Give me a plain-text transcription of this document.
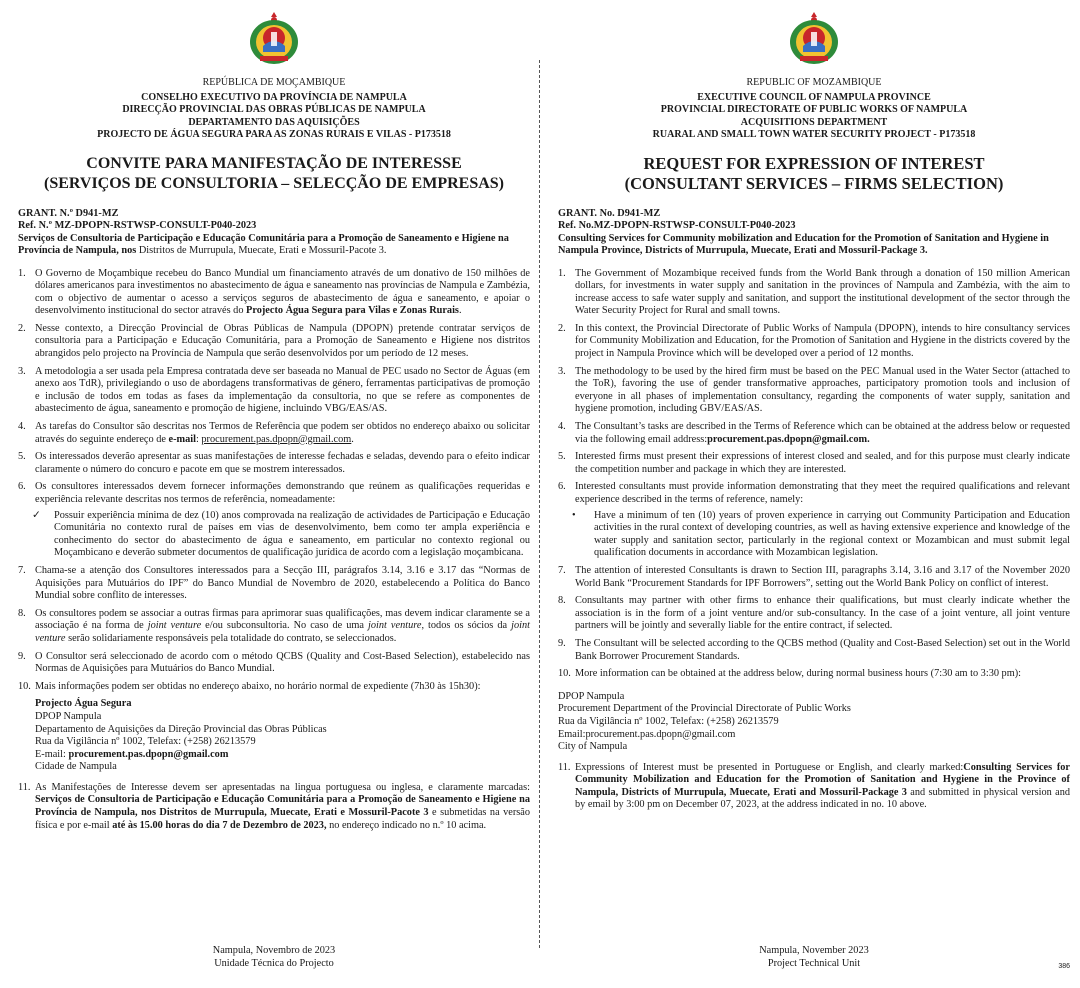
REPÚBLICA DE MOÇAMBIQUE
CONSELHO EXECUTIVO DA PROVÍNCIA DE NAMPULA
DIRECÇÃO PROVINCIAL DAS OBRAS PÚBLICAS DE NAMPULA
DEPARTAMENTO DAS AQUISIÇÕES
PROJECTO DE ÁGUA SEGURA PARA AS ZONAS RURAIS E VILAS - P173518
CONVITE PARA MANIFESTAÇÃO DE INTERESSE
(SERVIÇOS DE CONSULTORIA – SELECÇÃO DE EMPRESAS)
GRANT. N.º D941-MZ
Ref. N.º MZ-DPOPN-RSTWSP-CONSULT-P040-2023
Serviços de Consultoria de Participação e Educação Comunitária para a Promoção de Saneamento e Higiene na Província de Nampula, nos Distritos de Murrupula, Muecate, Erati e Mossuril-Pacote 3.
1. O Governo de Moçambique recebeu do Banco Mundial um financiamento através de um donativo de 150 milhões de dólares americanos para investimentos no abastecimento de água e saneamento nas províncias de Nampula e Zambézia, com o objectivo de aumentar o acesso a serviços seguros de abastecimento de água e saneamento, e apoiar o desenvolvimento institucional do sector através do Projecto Água Segura para Vilas e Zonas Rurais.
2. Nesse contexto, a Direcção Provincial de Obras Públicas de Nampula (DPOPN) pretende contratar serviços de consultoria para a Participação e Educação Comunitária, para a Promoção de Saneamento e Higiene nos distritos abrangidos pelo projecto na Província de Nampula que serão desenvolvidos por um período de 12 meses.
3. A metodologia a ser usada pela Empresa contratada deve ser baseada no Manual de PEC usado no Sector de Águas (em anexo aos TdR), privilegiando o uso de abordagens transformativas de género, ferramentas participativas de promoção e inclusão de todos em todas as fases da implementação da consultoria, no que se refere as componentes de abastecimento de água, saneamento e promoção de higiene, incluindo VBG/EAS/AS.
4. As tarefas do Consultor são descritas nos Termos de Referência que podem ser obtidos no endereço abaixo ou solicitar através do seguinte endereço de e-mail: procurement.pas.dpopn@gmail.com.
5. Os interessados deverão apresentar as suas manifestações de interesse fechadas e seladas, devendo para o efeito indicar claramente o número do concuro e pacote em que se mostrem interessados.
6. Os consultores interessados devem fornecer informações demonstrando que reúnem as qualificações requeridas e experiência relevante descritas nos termos de referência, nomeadamente:
✓ Possuir experiência mínima de dez (10) anos comprovada na realização de actividades de Participação e Educação Comunitária no contexto rural de países em vias de desenvolvimento, bem como ter ampla experiência e conhecimento do sector do abastecimento de água e saneamento, em particular no contexto regional ou Moçambicano e deverão submeter documentos de qualificação jurídica de acordo com a legislação moçambicana.
7. Chama-se a atenção dos Consultores interessados para a Secção III, parágrafos 3.14, 3.16 e 3.17 das “Normas de Aquisições para Mutuários do IPF” do Banco Mundial de Novembro de 2020, estabelecendo a Política do Banco Mundial sobre conflito de interesses.
8. Os consultores podem se associar a outras firmas para aprimorar suas qualificações, mas devem indicar claramente se a associação é na forma de joint venture e/ou subconsultoria. No caso de uma joint venture, todos os sócios da joint venture serão solidariamente responsáveis pela totalidade do contrato, se seleccionados.
9. O Consultor será seleccionado de acordo com o método QCBS (Quality and Cost-Based Selection), estabelecido nas Normas de Aquisições para Mutuários do Banco Mundial.
10. Mais informações podem ser obtidas no endereço abaixo, no horário normal de expediente (7h30 às 15h30):
Projecto Água Segura
DPOP Nampula
Departamento de Aquisições da Direção Provincial das Obras Públicas
Rua da Vigilância nº 1002, Telefax: (+258) 26213579
E-mail: procurement.pas.dpopn@gmail.com
Cidade de Nampula
11. As Manifestações de Interesse devem ser apresentadas na lingua portuguesa ou inglesa, e claramente marcadas: Serviços de Consultoria de Participação e Educação Comunitária para a Promoção de Saneamento e Higiene na Província de Nampula, nos Distritos de Murrupula, Muecate, Erati e Mossuril-Pacote 3 e submetidas na versão física e por e-mail até às 15.00 horas do dia 7 de Dezembro de 2023, no endereço indicado no n.º 10 acima.
Nampula, Novembro de 2023
Unidade Técnica do Projecto
REPUBLIC OF MOZAMBIQUE
EXECUTIVE COUNCIL OF NAMPULA PROVINCE
PROVINCIAL DIRECTORATE OF PUBLIC WORKS OF NAMPULA
ACQUISITIONS DEPARTMENT
RUARAL AND SMALL TOWN WATER SECURITY PROJECT - P173518
REQUEST FOR EXPRESSION OF INTEREST
(CONSULTANT SERVICES – FIRMS SELECTION)
GRANT. No. D941-MZ
Ref. No.MZ-DPOPN-RSTWSP-CONSULT-P040-2023
Consulting Services for Community mobilization and Education for the Promotion of Sanitation and Hygiene in Nampula Province, Districts of Murrupula, Muecate, Erati and Mossuril-Package 3.
1. The Government of Mozambique received funds from the World Bank through a donation of 150 million American dollars, for investments in water supply and sanitation in the provinces of Nampula and Zambézia, with the aim to increase access to safe water supply and sanitation, and support the institutional development of the sector through the Water Security Project for Rural and small towns.
2. In this context, the Provincial Directorate of Public Works of Nampula (DPOPN), intends to hire consultancy services for Community Mobilization and Education, for the Promotion of Sanitation and Hygiene in the districts covered by the project in Nampula Province which will be developed over a period of 12 months.
3. The methodology to be used by the hired firm must be based on the PEC Manual used in the Water Sector (attached to the ToR), favoring the use of gender transformative approaches, participatory promotion tools and inclusion of everyone in all phases of implementation consultancy, regarding the components of water supply, sanitation and hygiene promotion, including GBV/EAS/AS.
4. The Consultant’s tasks are described in the Terms of Reference which can be obtained at the address below or requested via the following email address:procurement.pas.dpopn@gmail.com.
5. Interested firms must present their expressions of interest closed and sealed, and for this purpose must clearly indicate the competition number and package in which they are interested.
6. Interested consultants must provide information demonstrating that they meet the required qualifications and relevant experience described in the terms of reference, namely:
• Have a minimum of ten (10) years of proven experience in carrying out Community Participation and Education activities in the rural context of developing countries, as well as having extensive experience and knowledge of the water supply and sanitation sector, particularly in the regional context or Mozambican and must submit legal qualification documents in accordance with Mozambican legislation.
7. The attention of interested Consultants is drawn to Section III, paragraphs 3.14, 3.16 and 3.17 of the November 2020 World Bank “Procurement Standards for IPF Borrowers”, setting out the World Bank Policy on conflict of interest.
8. Consultants may partner with other firms to enhance their qualifications, but must clearly indicate whether the association is in the form of a joint venture and/or sub-consultancy. In the case of a joint venture, all joint venture partners will be jointly and severally liable for the entire contract, if selected.
9. The Consultant will be selected according to the QCBS method (Quality and Cost-Based Selection) set out in the World Bank Borrower Procurement Standards.
10. More information can be obtained at the address below, during normal business hours (7:30 am to 3:30 pm):
DPOP Nampula
Procurement Department of the Provincial Directorate of Public Works
Rua da Vigilância nº 1002, Telefax: (+258) 26213579
Email:procurement.pas.dpopn@gmail.com
City of Nampula
11. Expressions of Interest must be presented in Portuguese or English, and clearly marked:Consulting Services for Community Mobilization and Education for the Promotion of Sanitation and Hygiene in the Province of Nampula, Districts of Murrupula, Muecate, Erati and Mossuril-Package 3 and submitted in physical version and by email by 3:00 pm on December 07, 2023, at the address indicated in no. 10 above.
Nampula, November 2023
Project Technical Unit	386
